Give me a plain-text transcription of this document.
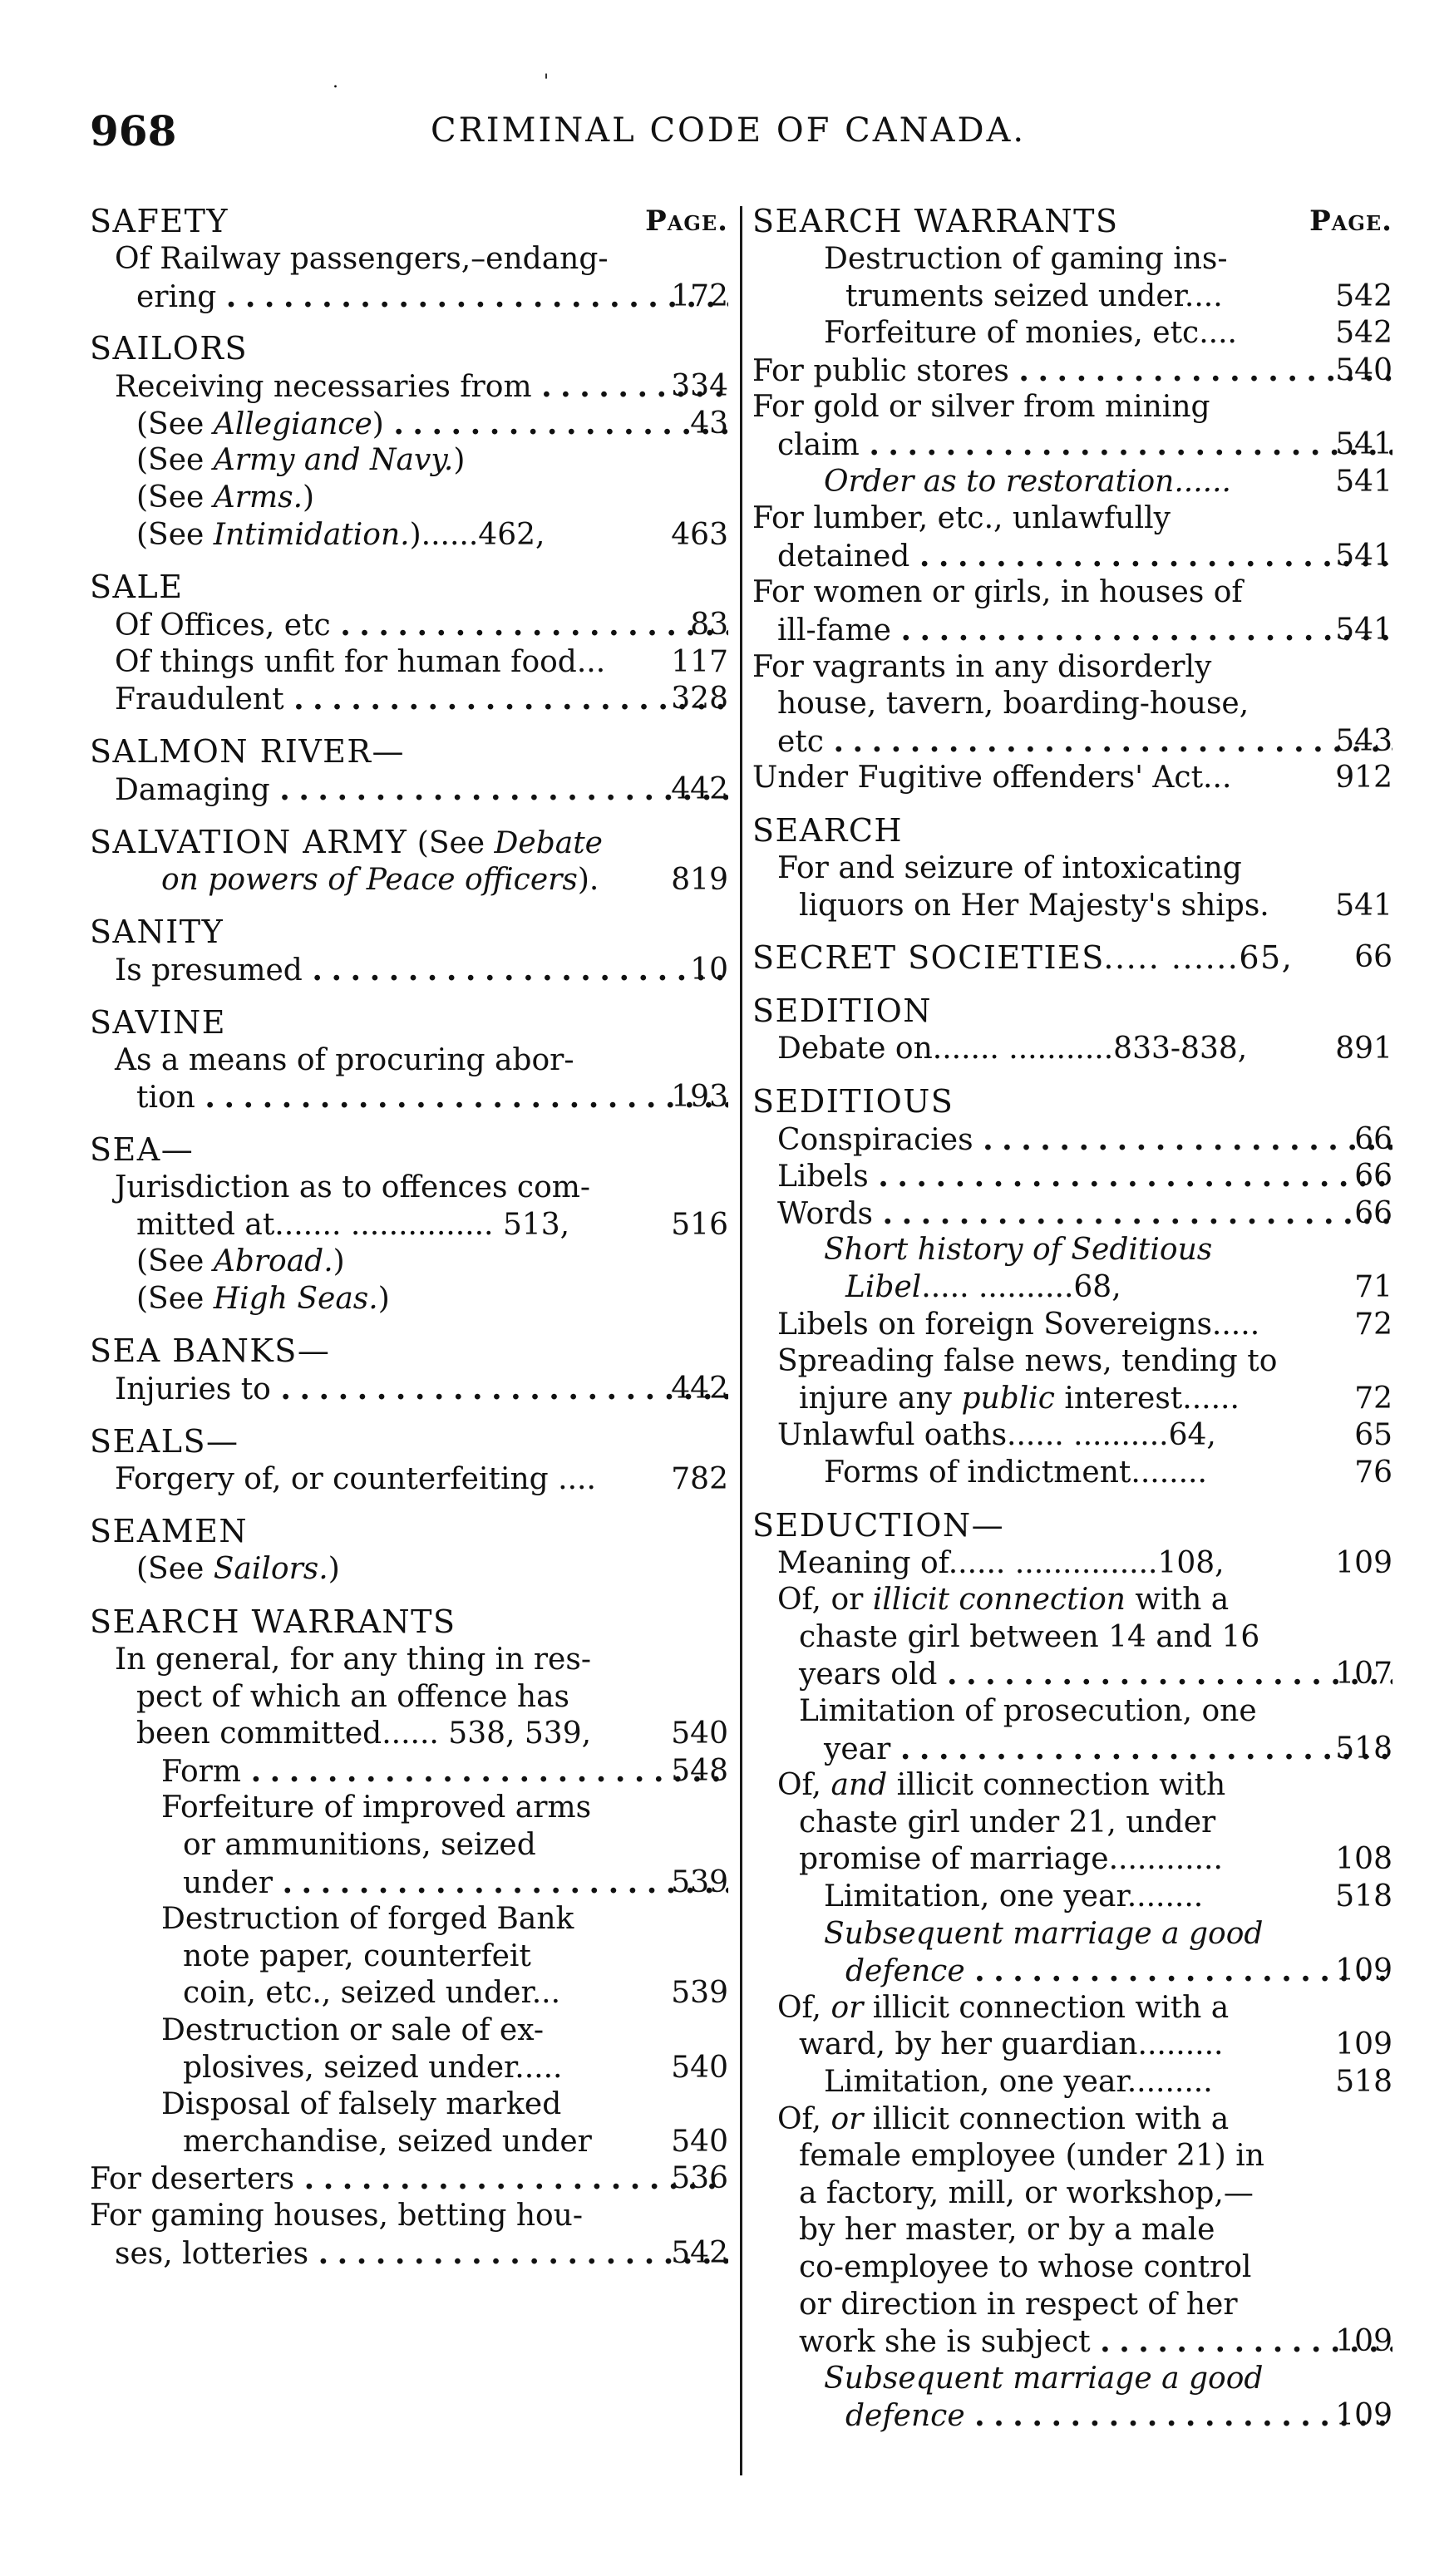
. '
968	CRIMINAL CODE OF CANADA.
SAFETY	Page.
Of Railway passengers,–endang-
ering . . .	172
SAILORS
Receiving necessaries from . . .	334
(See Allegiance) . . .	43
(See Army and Navy.)
(See Arms.)
(See Intimidation.)......462,	463
SALE
Of Offices, etc . . .	83
Of things unfit for human food...	117
Fraudulent . . .	328
SALMON RIVER—
Damaging . . .	442
SALVATION ARMY (See Debate
on powers of Peace officers).	819
SANITY
Is presumed . . .	10
SAVINE
As a means of procuring abor-
tion . . .	193
SEA—
Jurisdiction as to offences com-
mitted at....... ............... 513,	516
(See Abroad.)
(See High Seas.)
SEA BANKS—
Injuries to . . .	442
SEALS—
Forgery of, or counterfeiting ....	782
SEAMEN
(See Sailors.)
SEARCH WARRANTS
In general, for any thing in res-
pect of which an offence has
been committed...... 538, 539,	540
Form . . .	548
Forfeiture of improved arms
or ammunitions, seized
under . . .	539
Destruction of forged Bank
note paper, counterfeit
coin, etc., seized under...	539
Destruction or sale of ex-
plosives, seized under.....	540
Disposal of falsely marked
merchandise, seized under	540
For deserters . . .	536
For gaming houses, betting hou-
ses, lotteries . . .	542
SEARCH WARRANTS	Page.
Destruction of gaming ins-
truments seized under....	542
Forfeiture of monies, etc....	542
For public stores . . .	540
For gold or silver from mining
claim . . .	541
Order as to restoration......	541
For lumber, etc., unlawfully
detained . . .	541
For women or girls, in houses of
ill-fame . . .	541
For vagrants in any disorderly
house, tavern, boarding-house,
etc . . .	543
Under Fugitive offenders' Act...	912
SEARCH
For and seizure of intoxicating
liquors on Her Majesty's ships.	541
SECRET SOCIETIES..... ......65, 66
SEDITION
Debate on....... ...........833-838,	891
SEDITIOUS
Conspiracies . . .	66
Libels . . .	66
Words . . .	66
Short history of Seditious
Libel..... ..........68,	71
Libels on foreign Sovereigns.....	72
Spreading false news, tending to
injure any public interest......	72
Unlawful oaths...... ..........64,	65
Forms of indictment........	76
SEDUCTION—
Meaning of...... ...............108,	109
Of, or illicit connection with a
chaste girl between 14 and 16
years old . . .	107
Limitation of prosecution, one
year . . .	518
Of, and illicit connection with
chaste girl under 21, under
promise of marriage............	108
Limitation, one year........	518
Subsequent marriage a good
defence . . .	109
Of, or illicit connection with a
ward, by her guardian.........	109
Limitation, one year.........	518
Of, or illicit connection with a
female employee (under 21) in
a factory, mill, or workshop,—
by her master, or by a male
co-employee to whose control
or direction in respect of her
work she is subject . . .	109
Subsequent marriage a good
defence . . .	109
